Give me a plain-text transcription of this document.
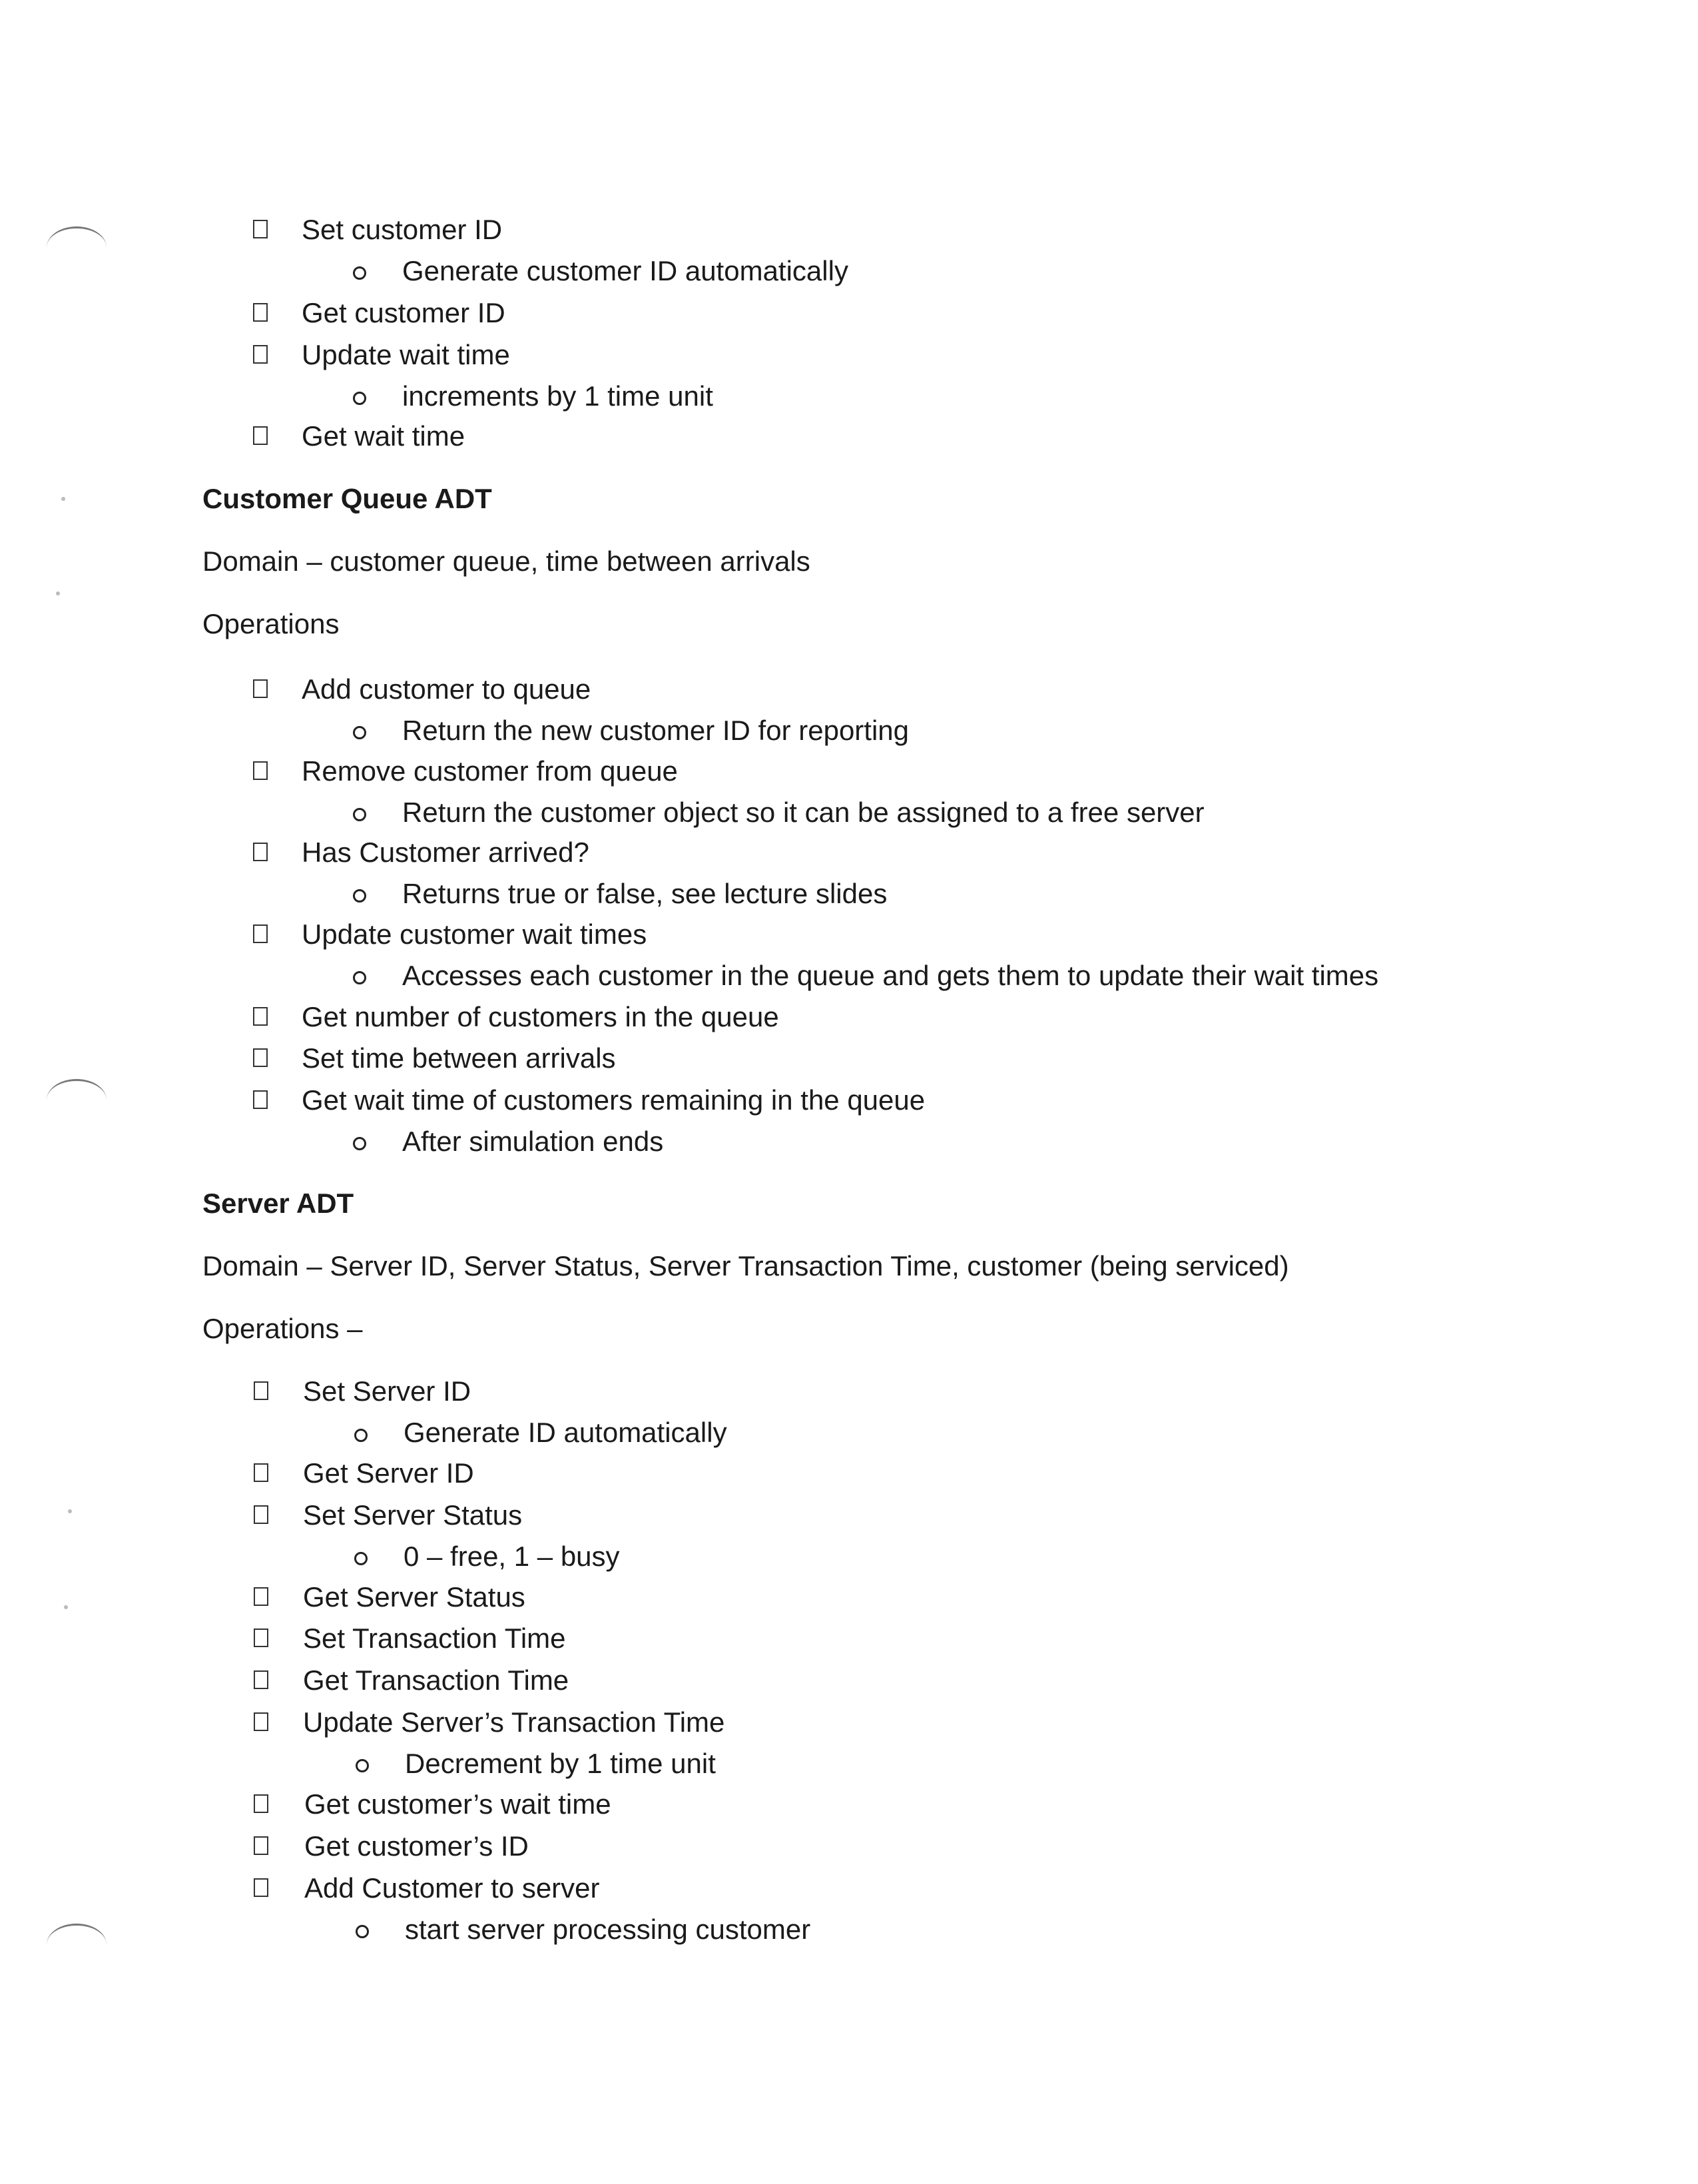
Set customer ID
Generate customer ID automatically
Get customer ID
Update wait time
increments by 1 time unit
Get wait time
Customer Queue ADT
Domain – customer queue, time between arrivals
Operations
Add customer to queue
Return the new customer ID for reporting
Remove customer from queue
Return the customer object so it can be assigned to a free server
Has Customer arrived?
Returns true or false, see lecture slides
Update customer wait times
Accesses each customer in the queue and gets them to update their wait times
Get number of customers in the queue
Set time between arrivals
Get wait time of customers remaining in the queue
After simulation ends
Server ADT
Domain – Server ID, Server Status, Server Transaction Time, customer (being serviced)
Operations –
Set Server ID
Generate ID automatically
Get Server ID
Set Server Status
0 – free, 1 – busy
Get Server Status
Set Transaction Time
Get Transaction Time
Update Server’s Transaction Time
Decrement by 1 time unit
Get customer’s wait time
Get customer’s ID
Add Customer to server
start server processing customer
